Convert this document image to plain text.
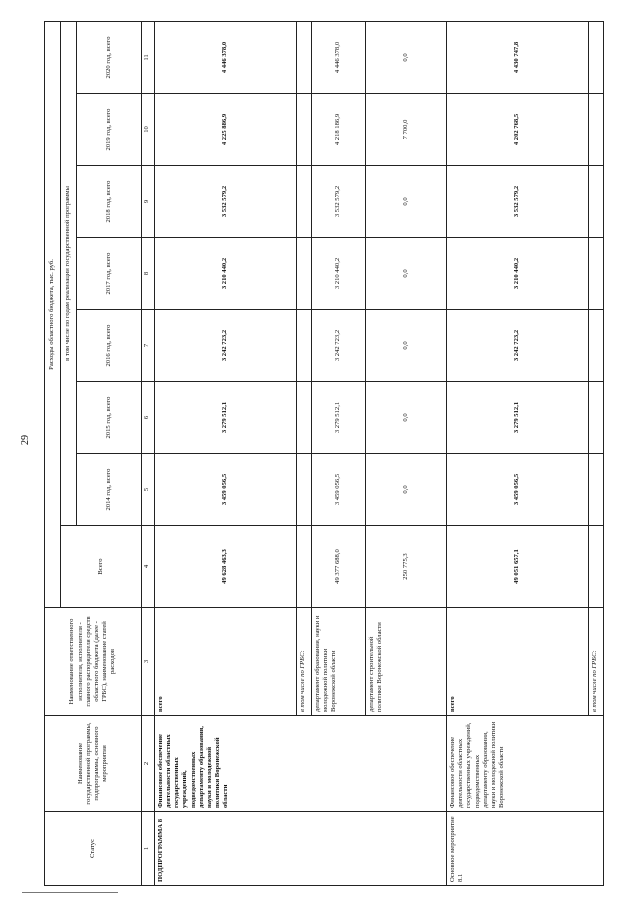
29
Статус	Наименование государственной программы, подпрограммы, основного мероприятия	Наименование ответственного исполнителя, исполнителя - главного распорядителя средств областного бюджета (далее - ГРБС), наименование статей расходов	Расходы областного бюджета, тыс. руб.							
			Всего	в том числе по годам реализации государственной программы						
				2014 год, всего	2015 год, всего	2016 год, всего	2017 год, всего	2018 год, всего	2019 год, всего	2020 год, всего
1	2	3	4	5	6	7	8	9	10	11
ПОДПРОГРАММА 8	Финансовое обеспечение деятельности областных государственных учреждений, подведомственных департаменту образования, науки и молодежной политики Воронежской области	всего	49 628 463,3	3 459 056,5	3 279 512,1	3 242 723,2	3 210 440,2	3 532 579,2	4 225 886,9	4 446 378,0
		в том числе по ГРБС:								
		департамент образования, науки и молодежной политики Воронежской области	49 377 688,0	3 459 056,5	3 279 512,1	3 242 723,2	3 210 440,2	3 532 579,2	4 218 186,9	4 446 378,0
		департамент строительной политики Воронежской области	250 775,3	0,0	0,0	0,0	0,0	0,0	7 700,0	0,0
Основное мероприятие 8.1	Финансовое обеспечение деятельности областных государственных учреждений, подведомственных департаменту образования, науки и молодежной политики Воронежской области	всего	49 051 657,1	3 459 056,5	3 279 512,1	3 242 723,2	3 210 440,2	3 532 579,2	4 202 768,5	4 430 747,8
		в том числе по ГРБС:								
